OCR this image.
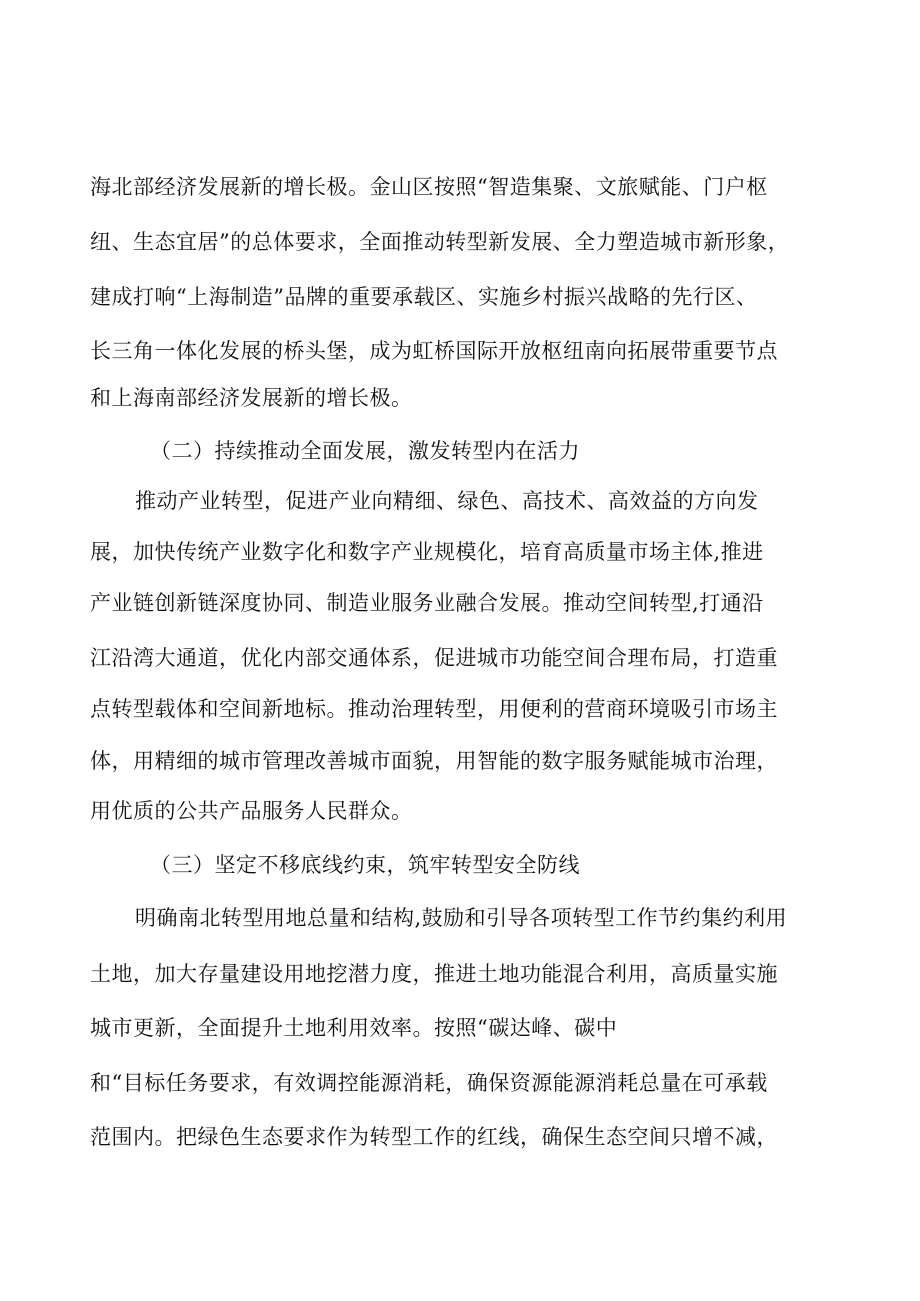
海北部经济发展新的增长极。金山区按照“智造集聚、文旅赋能、门户枢

纽、生态宜居”的总体要求，全面推动转型新发展、全力塑造城市新形象，

建成打响“上海制造”品牌的重要承载区、实施乡村振兴战略的先行区、

长三角一体化发展的桥头堡，成为虹桥国际开放枢纽南向拓展带重要节点

和上海南部经济发展新的增长极。

（二）持续推动全面发展，激发转型内在活力

推动产业转型，促进产业向精细、绿色、高技术、高效益的方向发

展，加快传统产业数字化和数字产业规模化，培育高质量市场主体,推进

产业链创新链深度协同、制造业服务业融合发展。推动空间转型,打通沿

江沿湾大通道，优化内部交通体系，促进城市功能空间合理布局，打造重

点转型载体和空间新地标。推动治理转型，用便利的营商环境吸引市场主

体，用精细的城市管理改善城市面貌，用智能的数字服务赋能城市治理，

用优质的公共产品服务人民群众。

（三）坚定不移底线约束，筑牢转型安全防线

明确南北转型用地总量和结构,鼓励和引导各项转型工作节约集约利用

土地，加大存量建设用地挖潜力度，推进土地功能混合利用，高质量实施

城市更新，全面提升土地利用效率。按照“碳达峰、碳中

和“目标任务要求，有效调控能源消耗，确保资源能源消耗总量在可承载

范围内。把绿色生态要求作为转型工作的红线，确保生态空间只增不减，
